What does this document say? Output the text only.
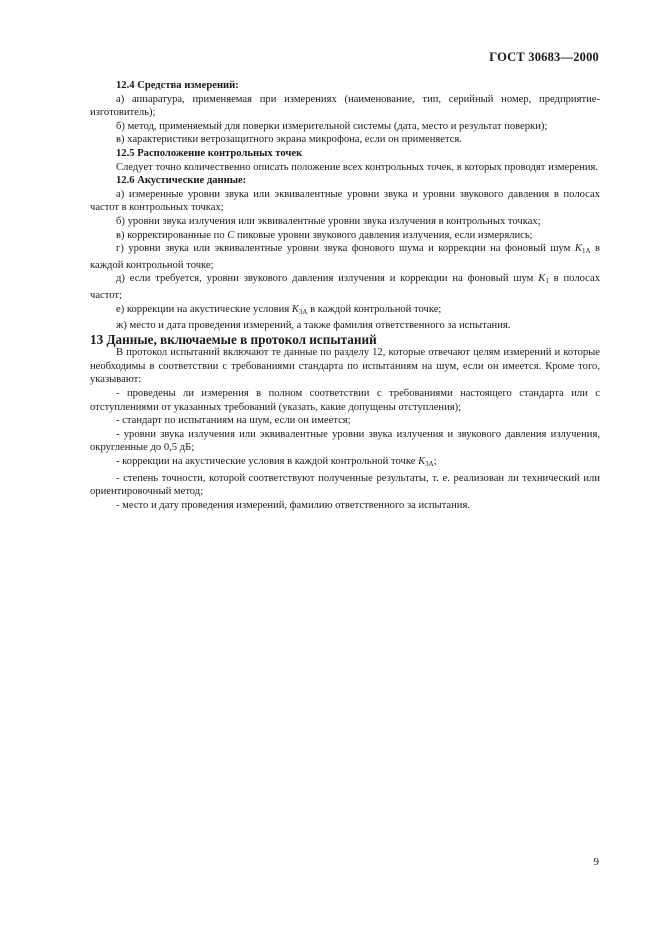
ГОСТ 30683—2000

12.4 Средства измерений:

а) аппаратура, применяемая при измерениях (наименование, тип, серийный номер, предприятие-изготовитель);

б) метод, применяемый для поверки измерительной системы (дата, место и результат поверки);

в) характеристики ветрозащитного экрана микрофона, если он применяется.

12.5 Расположение контрольных точек

Следует точно количественно описать положение всех контрольных точек, в которых проводят измерения.

12.6 Акустические данные:

а) измеренные уровни звука или эквивалентные уровни звука и уровни звукового давления в полосах частот в контрольных точках;

б) уровни звука излучения или эквивалентные уровни звука излучения в контрольных точках;

в) корректированные по C пиковые уровни звукового давления излучения, если измерялись;

г) уровни звука или эквивалентные уровни звука фонового шума и коррекции на фоновый шум $K_{1A}$ в каждой контрольной точке;

д) если требуется, уровни звукового давления излучения и коррекции на фоновый шум $K_1$ в полосах частот;

е) коррекции на акустические условия $K_{3A}$ в каждой контрольной точке;

ж) место и дата проведения измерений, а также фамилия ответственного за испытания.

13 Данные, включаемые в протокол испытаний

В протокол испытаний включают те данные по разделу 12, которые отвечают целям измерений и которые необходимы в соответствии с требованиями стандарта по испытаниям на шум, если он имеется. Кроме того, указывают:

- проведены ли измерения в полном соответствии с требованиями настоящего стандарта или с отступлениями от указанных требований (указать, какие допущены отступления);

- стандарт по испытаниям на шум, если он имеется;

- уровни звука излучения или эквивалентные уровни звука излучения и звукового давления излучения, округленные до 0,5 дБ;

- коррекции на акустические условия в каждой контрольной точке $K_{3A}$;

- степень точности, которой соответствуют полученные результаты, т. е. реализован ли технический или ориентировочный метод;

- место и дату проведения измерений, фамилию ответственного за испытания.

9
